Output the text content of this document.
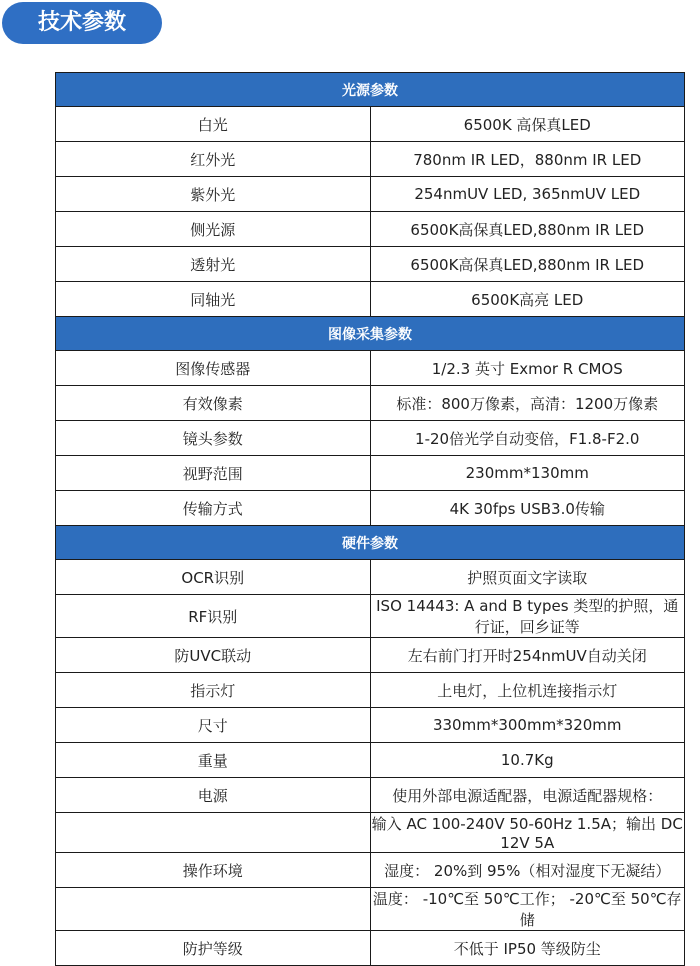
技术参数
光源参数	
白光	6500K 高保真LED
红外光	780nm IR LED，880nm IR LED
紫外光	254nmUV LED, 365nmUV LED
侧光源	6500K高保真LED,880nm IR LED
透射光	6500K高保真LED,880nm IR LED
同轴光	6500K高亮 LED
图像采集参数	
图像传感器	1/2.3 英寸 Exmor R CMOS
有效像素	标准：800万像素，高清：1200万像素
镜头参数	1-20倍光学自动变倍，F1.8-F2.0
视野范围	230mm*130mm
传输方式	4K 30fps USB3.0传输
硬件参数	
OCR识别	护照页面文字读取
RF识别	ISO 14443: A and B types 类型的护照，通行证，回乡证等
防UVC联动	左右前门打开时254nmUV自动关闭
指示灯	上电灯，上位机连接指示灯
尺寸	330mm*300mm*320mm
重量	10.7Kg
电源	使用外部电源适配器，电源适配器规格：
	输入 AC 100-240V 50-60Hz 1.5A；输出 DC 12V 5A
操作环境	湿度： 20%到 95%（相对湿度下无凝结）
	温度： -10℃至 50℃工作； -20℃至 50℃存储
防护等级	不低于 IP50 等级防尘
